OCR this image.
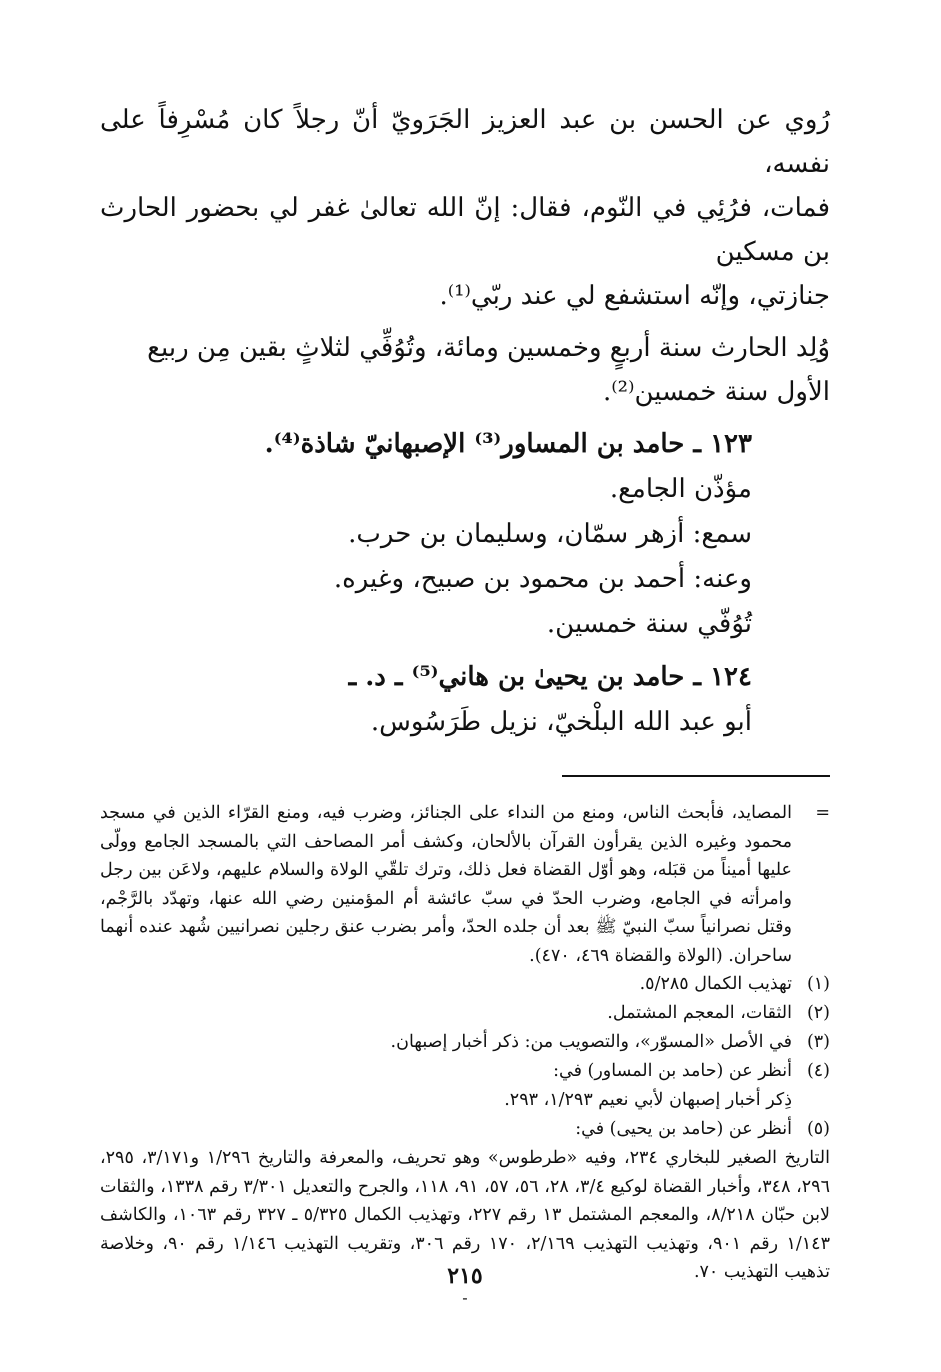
رُوي عن الحسن بن عبد العزيز الجَرَويّ أنّ رجلاً كان مُسْرِفاً على نفسه،

فمات، فرُئِي في النّوم، فقال: إنّ الله تعالىٰ غفر لي بحضور الحارث بن مسكين

جنازتي، وإنّه استشفع لي عند ربّي⁽¹⁾.

وُلِد الحارث سنة أربعٍ وخمسين ومائة، وتُوُفِّي لثلاثٍ بقين مِن ربيع

الأول سنة خمسين⁽²⁾.

١٢٣ ـ حامد بن المساور⁽³⁾ الإصبهانيّ شاذة⁽⁴⁾.
مؤذّن الجامع.
سمع: أزهر سمّان، وسليمان بن حرب.
وعنه: أحمد بن محمود بن صبيح، وغيره.
تُوُفّي سنة خمسين.
١٢٤ ـ حامد بن يحيىٰ بن هاني⁽⁵⁾ ـ د. ـ
أبو عبد الله البلْخيّ، نزيل طَرَسُوس.
=
المصايد، فأبحث الناس، ومنع من النداء على الجنائز، وضرب فيه، ومنع القرّاء الذين في مسجد محمود وغيره الذين يقرأون القرآن بالألحان، وكشف أمر المصاحف التي بالمسجد الجامع وولّى عليها أميناً من قبَله، وهو أوّل القضاة فعل ذلك، وترك تلقّي الولاة والسلام عليهم، ولاعَن بين رجل وامرأته في الجامع، وضرب الحدّ في سبّ عائشة أم المؤمنين رضي الله عنها، وتهدّد بالرَّجْم، وقتل نصرانياً سبّ النبيّ ﷺ بعد أن جلده الحدّ، وأمر بضرب عنق رجلين نصرانيين شُهد عنده أنهما ساحران. (الولاة والقضاة ٤٦٩، ٤٧٠).
(١)
تهذيب الكمال ٥/٢٨٥.
(٢)
الثقات، المعجم المشتمل.
(٣)
في الأصل «المسوّر»، والتصويب من: ذكر أخبار إصبهان.
(٤)
أنظر عن (حامد بن المساور) في:
ذِكر أخبار إصبهان لأبي نعيم ١/٢٩٣، ٢٩٣.
(٥)
أنظر عن (حامد بن يحيى) في:
التاريخ الصغير للبخاري ٢٣٤، وفيه «طرطوس» وهو تحريف، والمعرفة والتاريخ ١/٢٩٦ و٣/١٧١، ٢٩٥، ٢٩٦، ٣٤٨، وأخبار القضاة لوكيع ٣/٤، ٢٨، ٥٦، ٥٧، ٩١، ١١٨، والجرح والتعديل ٣/٣٠١ رقم ١٣٣٨، والثقات لابن حبّان ٨/٢١٨، والمعجم المشتمل ١٣ رقم ٢٢٧، وتهذيب الكمال ٥/٣٢٥ ـ ٣٢٧ رقم ١٠٦٣، والكاشف ١/١٤٣ رقم ٩٠١، وتهذيب التهذيب ٢/١٦٩، ١٧٠ رقم ٣٠٦، وتقريب التهذيب ١/١٤٦ رقم ٩٠، وخلاصة تذهيب التهذيب ٧٠.
٢١٥
-
